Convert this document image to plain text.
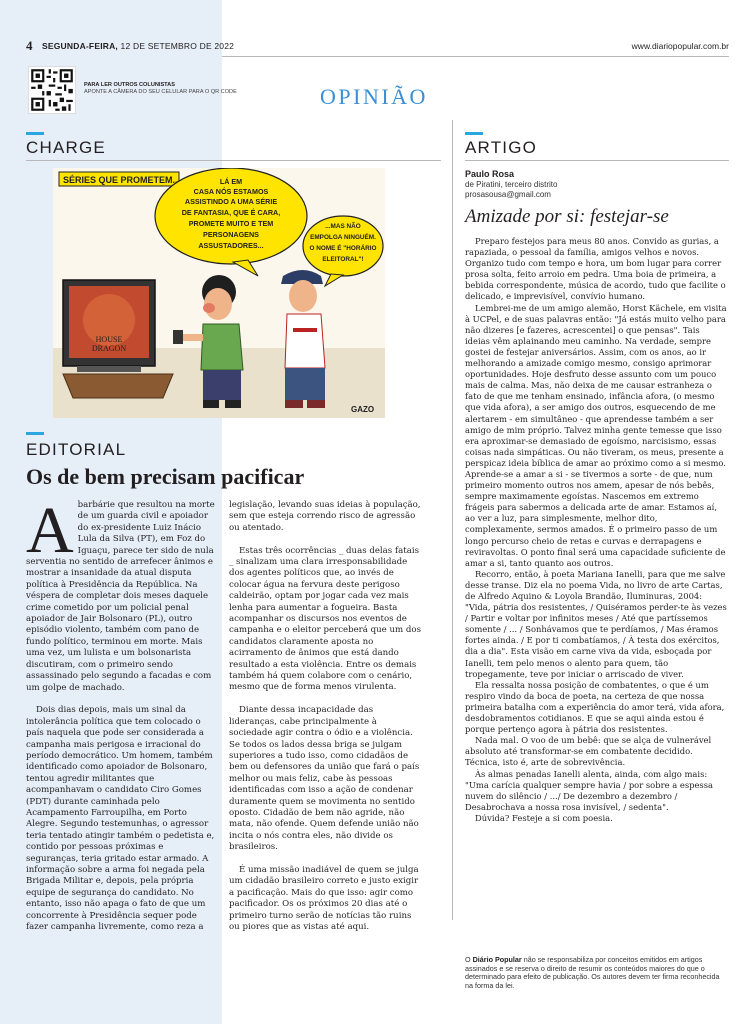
4 SEGUNDA-FEIRA, 12 DE SETEMBRO DE 2022	www.diariopopular.com.br
PARA LER OUTROS COLUNISTAS
APONTE A CÂMERA DO SEU CELULAR PARA O QR CODE	OPINIÃO
CHARGE
SÉRIES QUE PROMETEM...	LÁ EM
CASA NÓS ESTAMOS
ASSISTINDO A UMA SÉRIE
DE FANTASIA, QUE É CARA,
PROMETE MUITO E TEM
PERSONAGENS
ASSUSTADORES...
...MAS NÃO
EMPOLGA NINGUÉM.
O NOME É "HORÁRIO
ELEITORAL"!
HOUSE
DRAGON
GAZO
EDITORIAL
Os de bem precisam pacificar

Abarbárie que resultou na morte de um guarda civil e apoiador do ex-presidente Luiz Inácio Lula da Silva (PT), em Foz do Iguaçu, parece ter sido de nula serventia no sentido de arrefecer ânimos e mostrar a insanidade da atual disputa política à Presidência da República. Na véspera de completar dois meses daquele crime cometido por um policial penal apoiador de Jair Bolsonaro (PL), outro episódio violento, também com pano de fundo político, terminou em morte. Mais uma vez, um lulista e um bolsonarista discutiram, com o primeiro sendo assassinado pelo segundo a facadas e com um golpe de machado.

Dois dias depois, mais um sinal da intolerância política que tem colocado o país naquela que pode ser considerada a campanha mais perigosa e irracional do período democrático. Um homem, também identificado como apoiador de Bolsonaro, tentou agredir militantes que acompanhavam o candidato Ciro Gomes (PDT) durante caminhada pelo Acampamento Farroupilha, em Porto Alegre. Segundo testemunhas, o agressor teria tentado atingir também o pedetista e, contido por pessoas próximas e seguranças, teria gritado estar armado. A informação sobre a arma foi negada pela Brigada Militar e, depois, pela própria equipe de segurança do candidato. No entanto, isso não apaga o fato de que um concorrente à Presidência sequer pode fazer campanha livremente, como reza a

legislação, levando suas ideias à população, sem que esteja correndo risco de agressão ou atentado.

Estas três ocorrências _ duas delas fatais _ sinalizam uma clara irresponsabilidade dos agentes políticos que, ao invés de colocar água na fervura deste perigoso caldeirão, optam por jogar cada vez mais lenha para aumentar a fogueira. Basta acompanhar os discursos nos eventos de campanha e o eleitor perceberá que um dos candidatos claramente aposta no acirramento de ânimos que está dando resultado a esta violência. Entre os demais também há quem colabore com o cenário, mesmo que de forma menos virulenta.

Diante dessa incapacidade das lideranças, cabe principalmente à sociedade agir contra o ódio e a violência. Se todos os lados dessa briga se julgam superiores a tudo isso, como cidadãos de bem ou defensores da união que fará o país melhor ou mais feliz, cabe às pessoas identificadas com isso a ação de condenar duramente quem se movimenta no sentido oposto. Cidadão de bem não agride, não mata, não ofende. Quem defende união não incita o nós contra eles, não divide os brasileiros.

É uma missão inadiável de quem se julga um cidadão brasileiro correto e justo exigir a pacificação. Mais do que isso: agir como pacificador. Os os próximos 20 dias até o primeiro turno serão de notícias tão ruins ou piores que as vistas até aqui.

ARTIGO
Paulo Rosa
de Piratini, terceiro distrito
prosasousa@gmail.com
Amizade por si: festejar-se

Preparo festejos para meus 80 anos. Convido as gurias, a rapaziada, o pessoal da família, amigos velhos e novos. Organizo tudo com tempo e hora, um bom lugar para correr prosa solta, feito arroio em pedra. Uma boia de primeira, a bebida correspondente, música de acordo, tudo que facilite o delicado, e imprevisível, convívio humano.

Lembrei-me de um amigo alemão, Horst Kächele, em visita à UCPel, e de suas palavras então: "Já estás muito velho para não dizeres [e fazeres, acrescentei] o que pensas". Tais ideias vêm aplainando meu caminho. Na verdade, sempre gostei de festejar aniversários. Assim, com os anos, ao ir melhorando a amizade comigo mesmo, consigo aprimorar oportunidades. Hoje desfruto desse assunto com um pouco mais de calma. Mas, não deixa de me causar estranheza o fato de que me tenham ensinado, infância afora, (o mesmo que vida afora), a ser amigo dos outros, esquecendo de me alertarem - em simultâneo - que aprendesse também a ser amigo de mim próprio. Talvez minha gente temesse que isso era aproximar-se demasiado de egoísmo, narcisismo, essas coisas nada simpáticas. Ou não tiveram, os meus, presente a perspicaz ideia bíblica de amar ao próximo como a si mesmo. Aprende-se a amar a si - se tivermos a sorte - de que, num primeiro momento outros nos amem, apesar de nós bebês, sempre maximamente egoístas. Nascemos em extremo frágeis para sabermos a delicada arte de amar. Estamos aí, ao ver a luz, para simplesmente, melhor dito, complexamente, sermos amados. É o primeiro passo de um longo percurso cheio de retas e curvas e derrapagens e reviravoltas. O ponto final será uma capacidade suficiente de amar a si, tanto quanto aos outros.

Recorro, então, à poeta Mariana Ianelli, para que me salve desse transe. Diz ela no poema Vida, no livro de arte Cartas, de Alfredo Aquino & Loyola Brandão, Iluminuras, 2004: "Vida, pátria dos resistentes, / Quiséramos perder-te às vezes / Partir e voltar por infinitos meses / Até que partíssemos somente / ... / Sonhávamos que te perdíamos, / Mas éramos fortes ainda. / E por ti combatíamos, / À testa dos exércitos, dia a dia". Esta visão em carne viva da vida, esboçada por Ianelli, tem pelo menos o alento para quem, tão tropegamente, teve por iniciar o arriscado de viver.

Ela ressalta nossa posição de combatentes, o que é um respiro vindo da boca de poeta, na certeza de que nossa primeira batalha com a experiência do amor terá, vida afora, desdobramentos cotidianos. E que se aqui ainda estou é porque pertenço agora à pátria dos resistentes.

Nada mal. O voo de um bebê: que se alça de vulnerável absoluto até transformar-se em combatente decidido. Técnica, isto é, arte de sobrevivência.

Às almas penadas Ianelli alenta, ainda, com algo mais: "Uma carícia qualquer sempre havia / por sobre a espessa nuvem do silêncio / .../ De dezembro a dezembro / Desabrochava a nossa rosa invisível, / sedenta".

Dúvida? Festeje a si com poesia.

O Diário Popular não se responsabiliza por conceitos emitidos em artigos assinados e se reserva o direito de resumir os conteúdos maiores do que o determinado para efeito de publicação. Os autores devem ter firma reconhecida na forma da lei.
